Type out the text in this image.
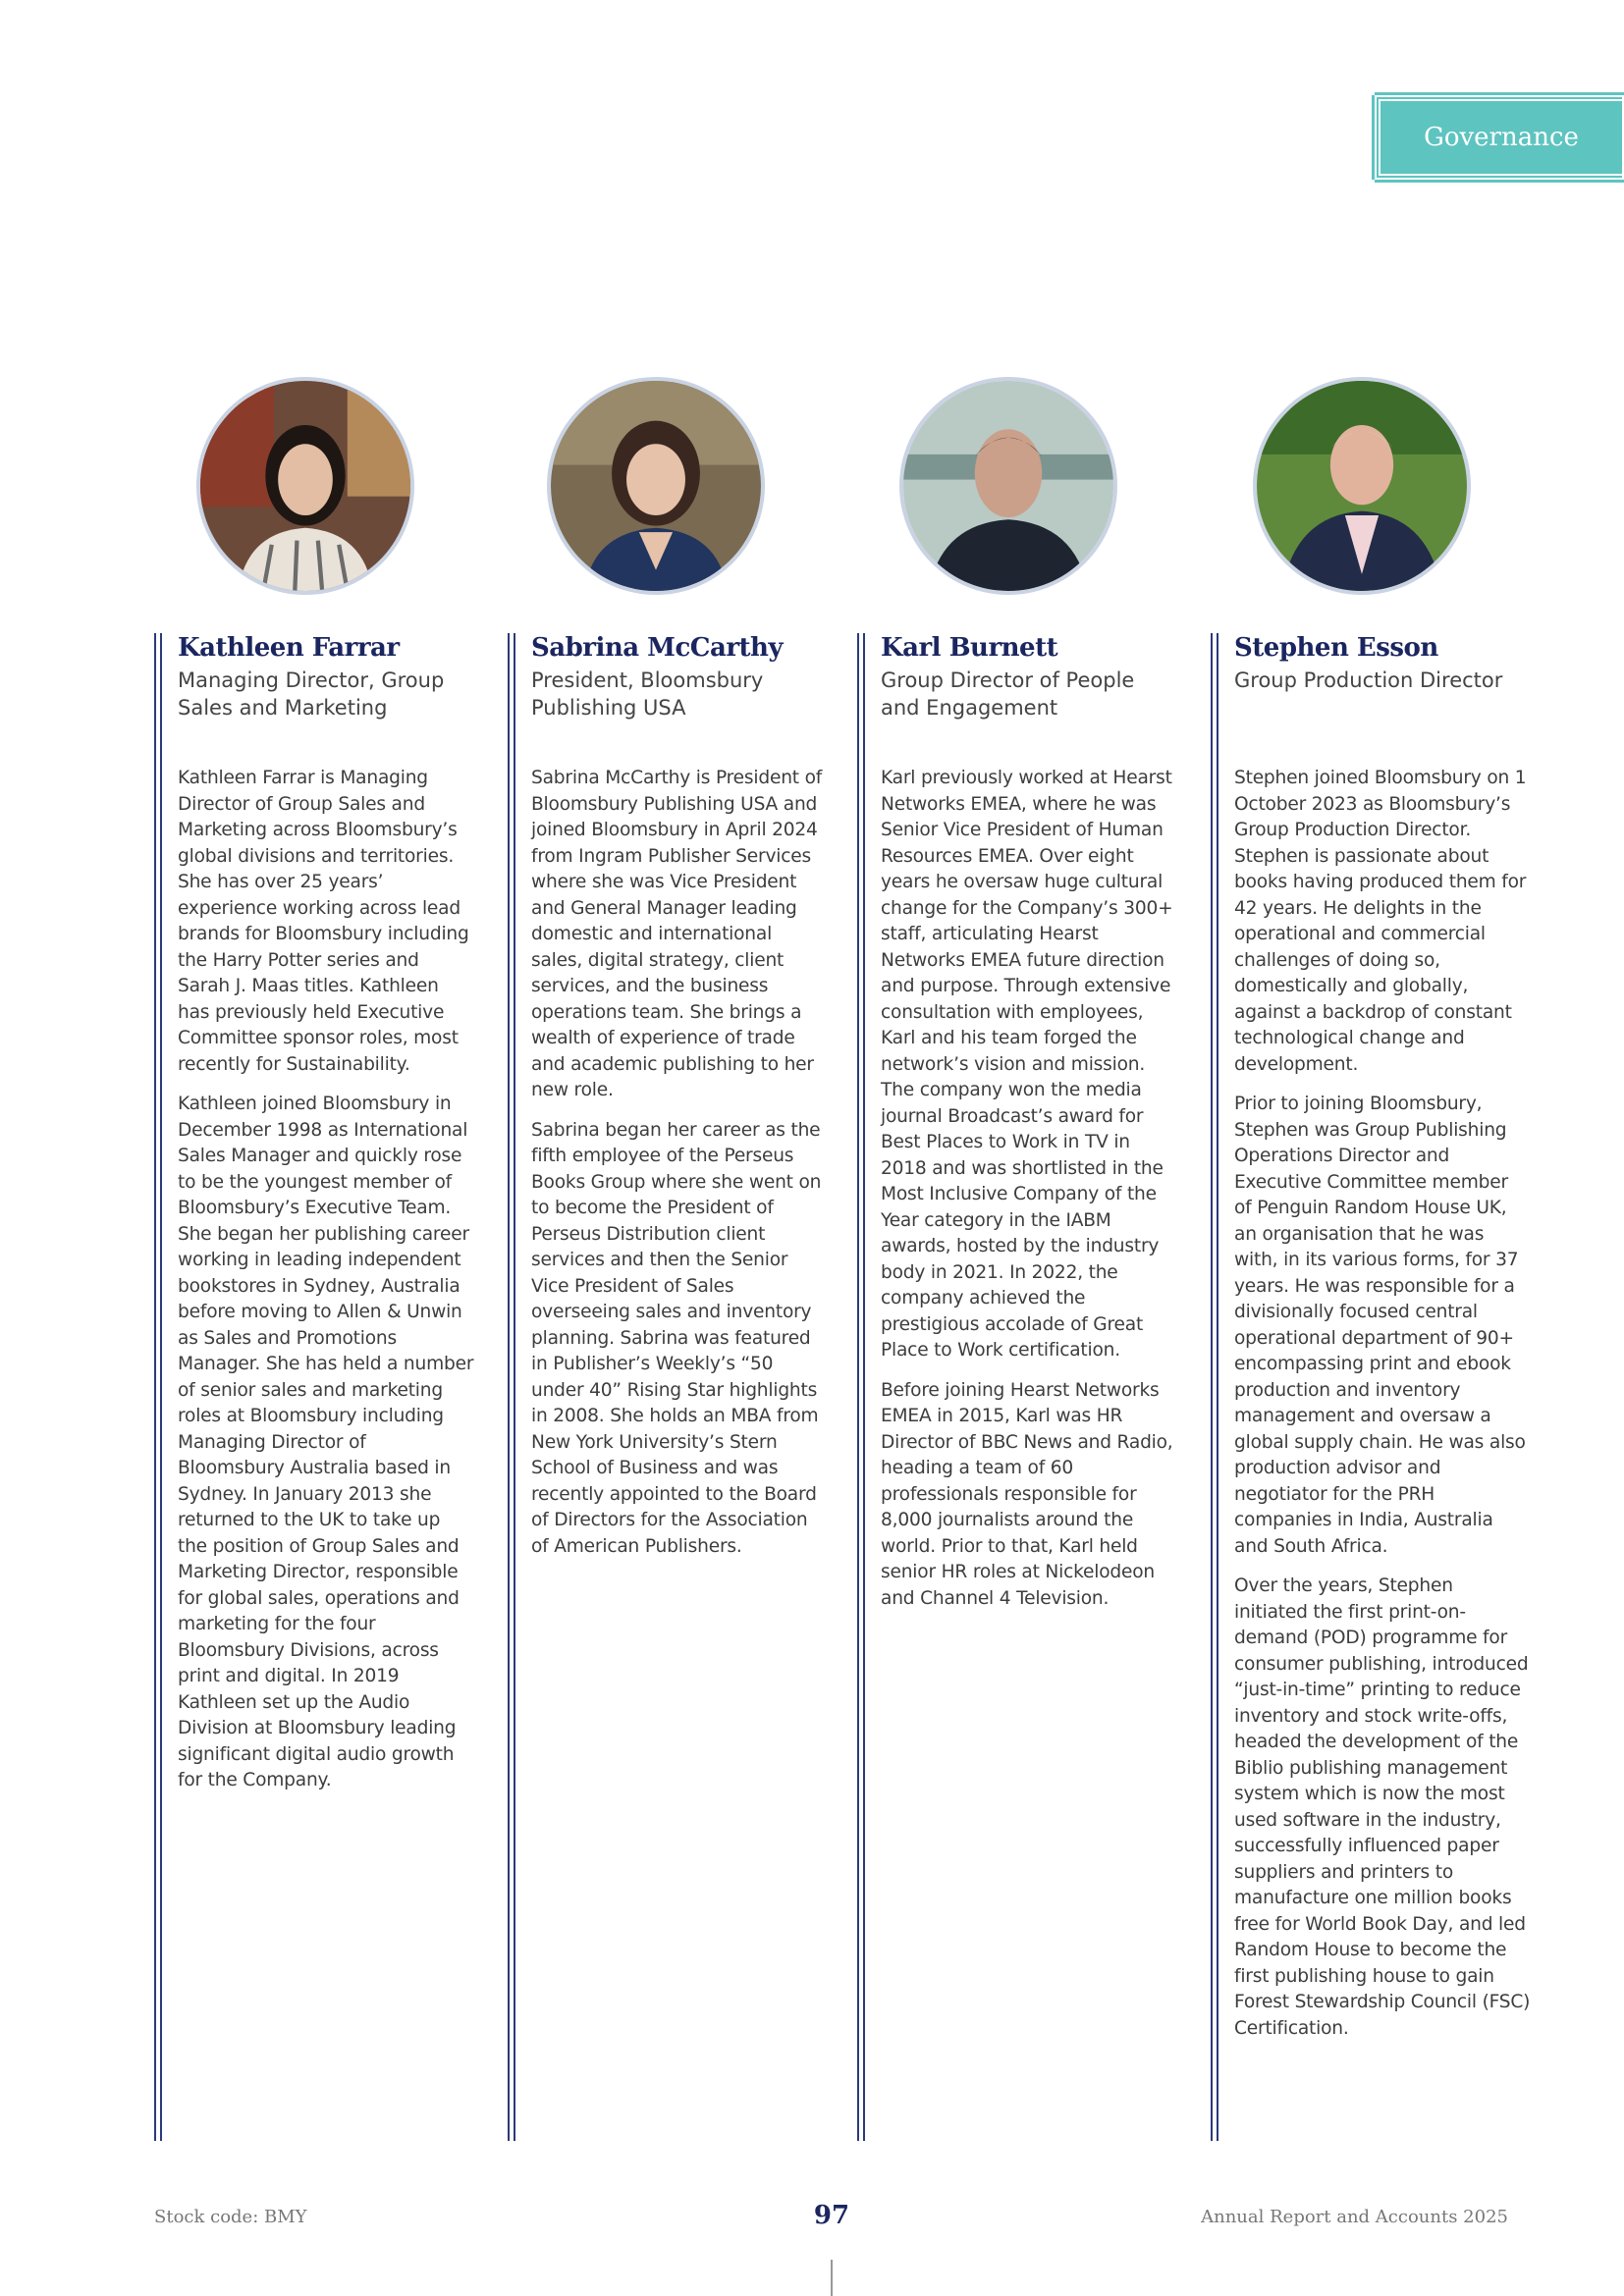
Governance
Kathleen Farrar

Managing Director, Group Sales and Marketing

Kathleen Farrar is Managing Director of Group Sales and Marketing across Bloomsbury’s global divisions and territories. She has over 25 years’ experience working across lead brands for Bloomsbury including the Harry Potter series and Sarah J. Maas titles. Kathleen has previously held Executive Committee sponsor roles, most recently for Sustainability.

Kathleen joined Bloomsbury in December 1998 as International Sales Manager and quickly rose to be the youngest member of Bloomsbury’s Executive Team. She began her publishing career working in leading independent bookstores in Sydney, Australia before moving to Allen & Unwin as Sales and Promotions Manager. She has held a number of senior sales and marketing roles at Bloomsbury including Managing Director of Bloomsbury Australia based in Sydney. In January 2013 she returned to the UK to take up the position of Group Sales and Marketing Director, responsible for global sales, operations and marketing for the four Bloomsbury Divisions, across print and digital. In 2019 Kathleen set up the Audio Division at Bloomsbury leading significant digital audio growth for the Company.

Sabrina McCarthy

President, Bloomsbury Publishing USA

Sabrina McCarthy is President of Bloomsbury Publishing USA and joined Bloomsbury in April 2024 from Ingram Publisher Services where she was Vice President and General Manager leading domestic and international sales, digital strategy, client services, and the business operations team. She brings a wealth of experience of trade and academic publishing to her new role.

Sabrina began her career as the fifth employee of the Perseus Books Group where she went on to become the President of Perseus Distribution client services and then the Senior Vice President of Sales overseeing sales and inventory planning. Sabrina was featured in Publisher’s Weekly’s “50 under 40” Rising Star highlights in 2008. She holds an MBA from New York University’s Stern School of Business and was recently appointed to the Board of Directors for the Association of American Publishers.

Karl Burnett

Group Director of People and Engagement

Karl previously worked at Hearst Networks EMEA, where he was Senior Vice President of Human Resources EMEA. Over eight years he oversaw huge cultural change for the Company’s 300+ staff, articulating Hearst Networks EMEA future direction and purpose. Through extensive consultation with employees, Karl and his team forged the network’s vision and mission. The company won the media journal Broadcast’s award for Best Places to Work in TV in 2018 and was shortlisted in the Most Inclusive Company of the Year category in the IABM awards, hosted by the industry body in 2021. In 2022, the company achieved the prestigious accolade of Great Place to Work certification.

Before joining Hearst Networks EMEA in 2015, Karl was HR Director of BBC News and Radio, heading a team of 60 professionals responsible for 8,000 journalists around the world. Prior to that, Karl held senior HR roles at Nickelodeon and Channel 4 Television.

Stephen Esson

Group Production Director

Stephen joined Bloomsbury on 1 October 2023 as Bloomsbury’s Group Production Director. Stephen is passionate about books having produced them for 42 years. He delights in the operational and commercial challenges of doing so, domestically and globally, against a backdrop of constant technological change and development.

Prior to joining Bloomsbury, Stephen was Group Publishing Operations Director and Executive Committee member of Penguin Random House UK, an organisation that he was with, in its various forms, for 37 years. He was responsible for a divisionally focused central operational department of 90+ encompassing print and ebook production and inventory management and oversaw a global supply chain. He was also production advisor and negotiator for the PRH companies in India, Australia and South Africa.

Over the years, Stephen initiated the first print-on-demand (POD) programme for consumer publishing, introduced “just-in-time” printing to reduce inventory and stock write-offs, headed the development of the Biblio publishing management system which is now the most used software in the industry, successfully influenced paper suppliers and printers to manufacture one million books free for World Book Day, and led Random House to become the first publishing house to gain Forest Stewardship Council (FSC) Certification.

Stock code: BMY	97	Annual Report and Accounts 2025
